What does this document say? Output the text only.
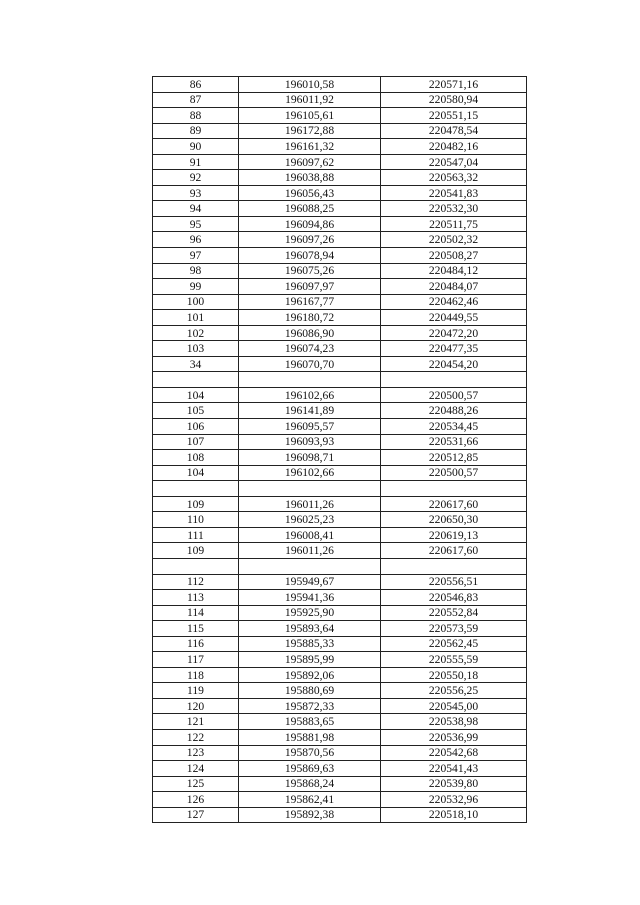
86	196010,58	220571,16
87	196011,92	220580,94
88	196105,61	220551,15
89	196172,88	220478,54
90	196161,32	220482,16
91	196097,62	220547,04
92	196038,88	220563,32
93	196056,43	220541,83
94	196088,25	220532,30
95	196094,86	220511,75
96	196097,26	220502,32
97	196078,94	220508,27
98	196075,26	220484,12
99	196097,97	220484,07
100	196167,77	220462,46
101	196180,72	220449,55
102	196086,90	220472,20
103	196074,23	220477,35
34	196070,70	220454,20

104	196102,66	220500,57
105	196141,89	220488,26
106	196095,57	220534,45
107	196093,93	220531,66
108	196098,71	220512,85
104	196102,66	220500,57

109	196011,26	220617,60
110	196025,23	220650,30
111	196008,41	220619,13
109	196011,26	220617,60

112	195949,67	220556,51
113	195941,36	220546,83
114	195925,90	220552,84
115	195893,64	220573,59
116	195885,33	220562,45
117	195895,99	220555,59
118	195892,06	220550,18
119	195880,69	220556,25
120	195872,33	220545,00
121	195883,65	220538,98
122	195881,98	220536,99
123	195870,56	220542,68
124	195869,63	220541,43
125	195868,24	220539,80
126	195862,41	220532,96
127	195892,38	220518,10
